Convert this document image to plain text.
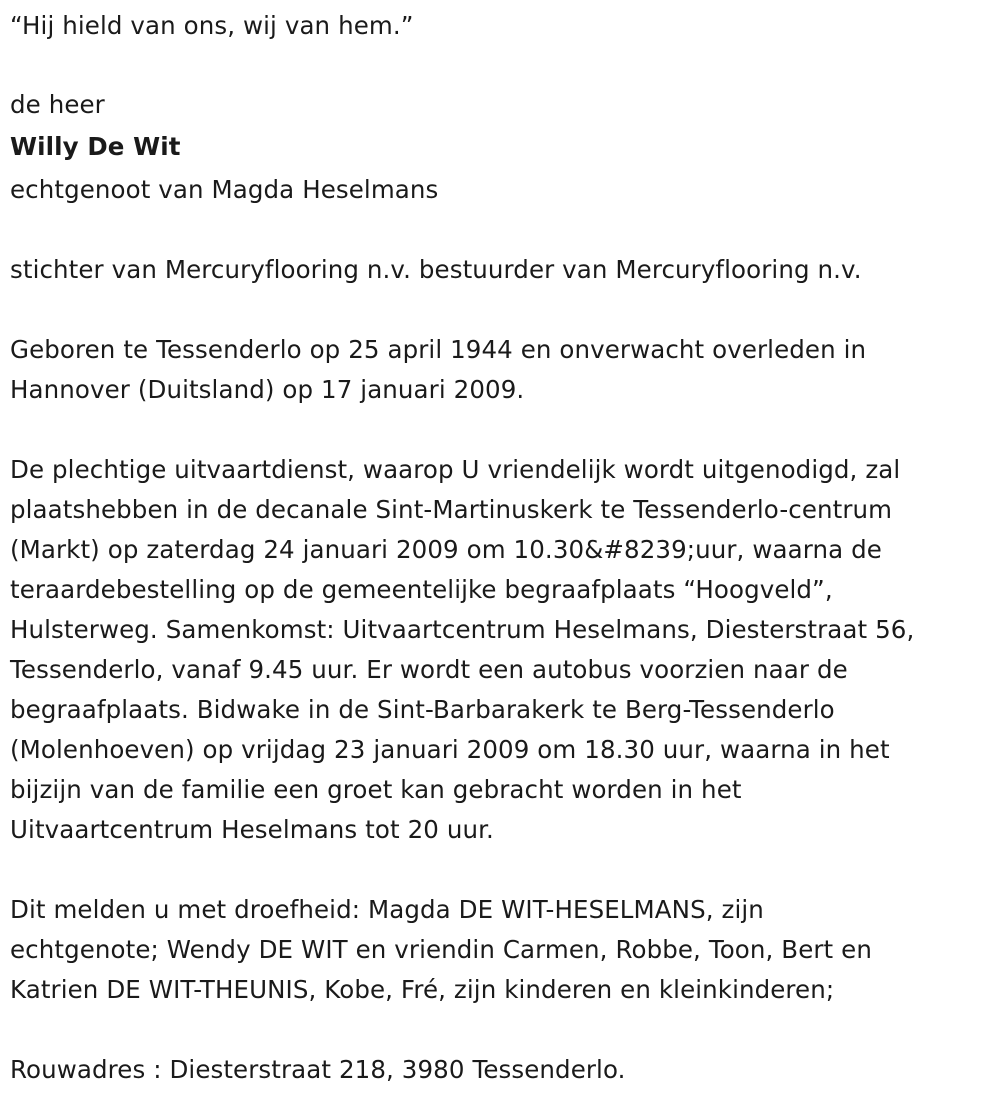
“Hij hield van ons, wij van hem.”

de heer

Willy De Wit

echtgenoot van Magda Heselmans

stichter van Mercuryflooring n.v. bestuurder van Mercuryflooring n.v.

Geboren te Tessenderlo op 25 april 1944 en onverwacht overleden in

Hannover (Duitsland) op 17 januari 2009.

De plechtige uitvaartdienst, waarop U vriendelijk wordt uitgenodigd, zal

plaatshebben in de decanale Sint-Martinuskerk te Tessenderlo-centrum

(Markt) op zaterdag 24 januari 2009 om 10.30&#8239;uur, waarna de

teraardebestelling op de gemeentelijke begraafplaats “Hoogveld”,

Hulsterweg. Samenkomst: Uitvaartcentrum Heselmans, Diesterstraat 56,

Tessenderlo, vanaf 9.45 uur. Er wordt een autobus voorzien naar de

begraafplaats. Bidwake in de Sint-Barbarakerk te Berg-Tessenderlo

(Molenhoeven) op vrijdag 23 januari 2009 om 18.30 uur, waarna in het

bijzijn van de familie een groet kan gebracht worden in het

Uitvaartcentrum Heselmans tot 20 uur.

Dit melden u met droefheid: Magda DE WIT-HESELMANS, zijn

echtgenote; Wendy DE WIT en vriendin Carmen, Robbe, Toon, Bert en

Katrien DE WIT-THEUNIS, Kobe, Fré, zijn kinderen en kleinkinderen;

Rouwadres : Diesterstraat 218, 3980 Tessenderlo.
